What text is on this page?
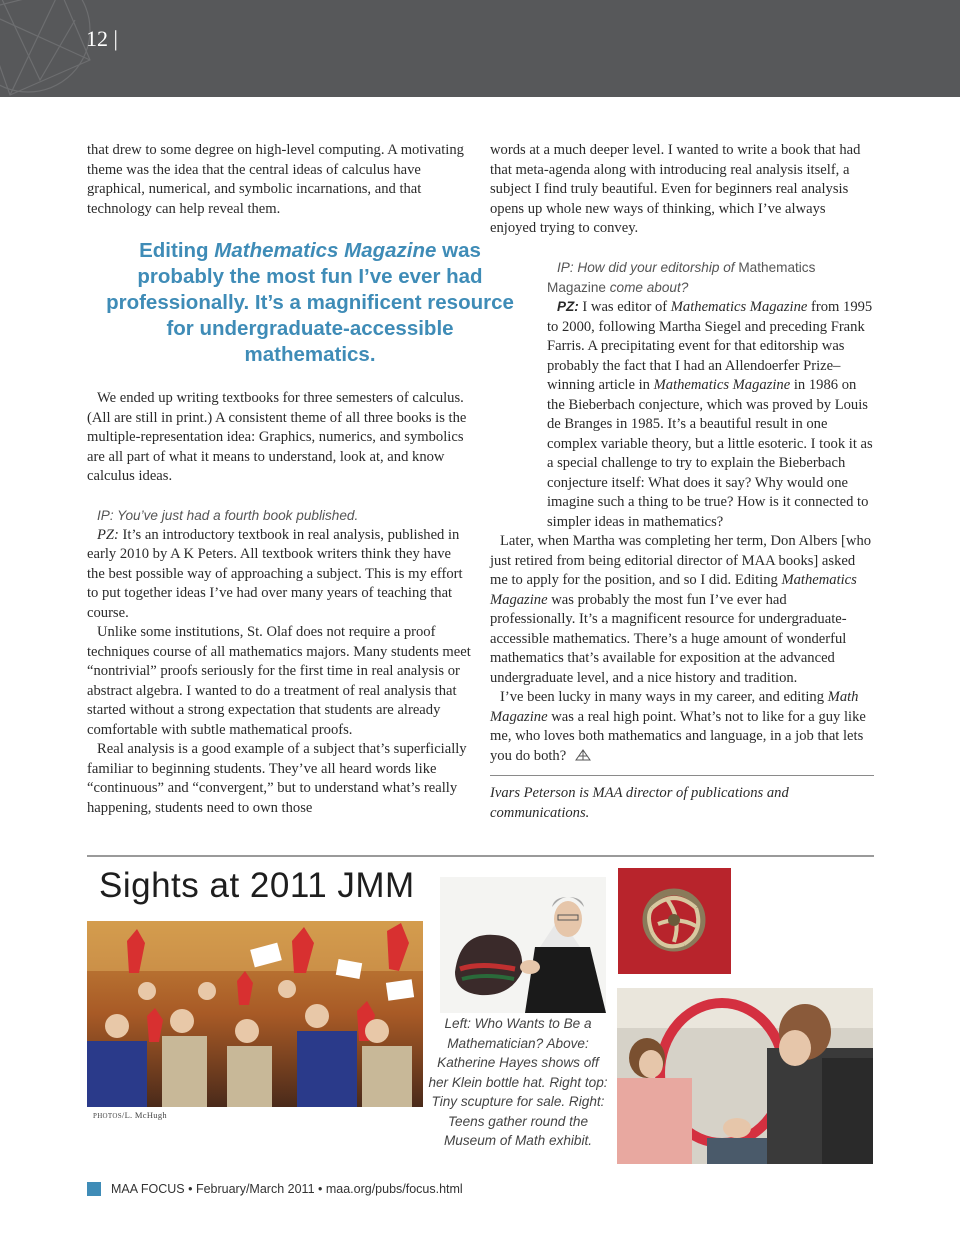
12 |

that drew to some degree on high-level computing. A motivating theme was the idea that the central ideas of calculus have graphical, numerical, and symbolic incarnations, and that technology can help reveal them.

We ended up writing textbooks for three semesters of calculus. (All are still in print.) A consistent theme of all three books is the multiple-representation idea: Graphics, numerics, and symbolics are all part of what it means to understand, look at, and know calculus ideas.

IP: You’ve just had a fourth book published.

PZ: It’s an introductory textbook in real analysis, published in early 2010 by A K Peters. All textbook writers think they have the best possible way of approaching a subject. This is my effort to put together ideas I’ve had over many years of teaching that course.

Unlike some institutions, St. Olaf does not require a proof techniques course of all mathematics majors. Many students meet “nontrivial” proofs seriously for the first time in real analysis or abstract algebra. I wanted to do a treatment of real analysis that started without a strong expectation that students are already comfortable with subtle mathematical proofs.

Real analysis is a good example of a subject that’s superficially familiar to beginning students. They’ve all heard words like “continuous” and “convergent,” but to understand what’s really happening, students need to own those

Editing Mathematics Magazine was probably the most fun I’ve ever had professionally. It’s a magnificent resource for undergraduate-accessible mathematics.

words at a much deeper level. I wanted to write a book that had that meta-agenda along with introducing real analysis itself, a subject I find truly beautiful. Even for beginners real analysis opens up whole new ways of thinking, which I’ve always enjoyed trying to convey.

IP: How did your editorship of Mathematics Magazine come about?

PZ: I was editor of Mathematics Magazine from 1995 to 2000, following Martha Siegel and preceding Frank Farris. A precipitating event for that editorship was probably the fact that I had an Allendoerfer Prize–winning article in Mathematics Magazine in 1986 on the Bieberbach conjecture, which was proved by Louis de Branges in 1985. It’s a beautiful result in one complex variable theory, but a little esoteric. I took it as a special challenge to try to explain the Bieberbach conjecture itself: What does it say? Why would one imagine such a thing to be true? How is it connected to simpler ideas in mathematics?

Later, when Martha was completing her term, Don Albers [who just retired from being editorial director of MAA books] asked me to apply for the position, and so I did. Editing Mathematics Magazine was probably the most fun I’ve ever had professionally. It’s a magnificent resource for undergraduate-accessible mathematics. There’s a huge amount of wonderful mathematics that’s available for exposition at the advanced undergraduate level, and a nice history and tradition.

I’ve been lucky in many ways in my career, and editing Math Magazine was a real high point. What’s not to like for a guy like me, who loves both mathematics and language, in a job that lets you do both?

Ivars Peterson is MAA director of publications and communications.

Sights at 2011 JMM
PHOTOS/L. McHugh
Left: Who Wants to Be a Mathematician? Above: Katherine Hayes shows off her Klein bottle hat. Right top: Tiny scupture for sale. Right: Teens gather round the Museum of Math exhibit.
MAA FOCUS • February/March 2011 • maa.org/pubs/focus.html
